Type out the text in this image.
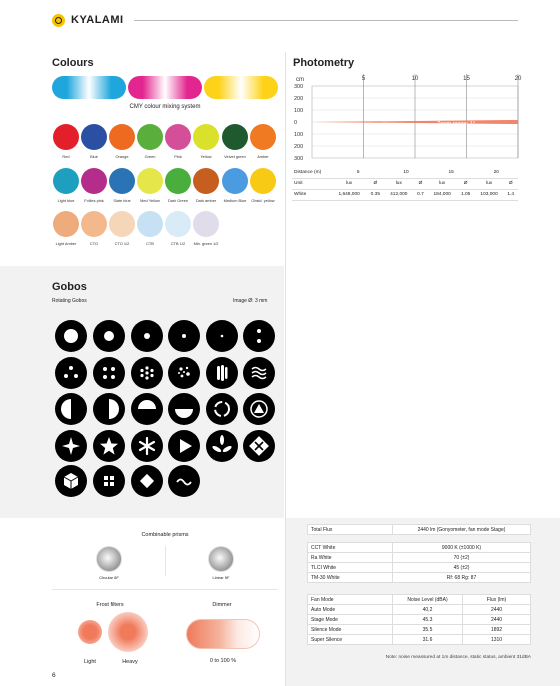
KYALAMI
Colours
CMY colour mixing system
Red	Blue	Orange	Green	Pink	Yellow	Velvet green	Amber
Light blue	Follies pink	Slate blue	Med Yellow	Dark Green	Dark amber	Medium Blue	Obsid. yellow
Light Amber	CTO	CTO 1/2	CTB	CTB 1/2	Min. green 1/2
Gobos
Rotating Gobos	Image Ø: 3 mm
Combinable prisms
Circular 6F	Linear 5F
Frost filters
Light	Heavy
Dimmer
0 to 100 %
6
Photometry
Zoom range: 1°
cm	5	10	15	20
300
200
100
0
100
200
300
Distance (m)	5		10		15		20	
Unit	lux	Ø	lux	Ø	lux	Ø	lux	Ø
White	1,648,000	0.35	412,000	0.7	184,000	1.05	103,000	1.4
Total Flux	2440 lm (Gonyometer, fan mode Stage)
CCT White	9000 K (±1000 K)
Ra White	70 (±2)
TLCI White	45 (±2)
TM-30 White	Rf: 68 Rg: 87
Fan Mode	Noise Level (dBA)	Flux (lm)
Auto Mode	40,2	2440
Stage Mode	45.3	2440
Silence Mode	35.5	1892
Super Silence	31.6	1310
Note: noise meassured at 1m distance, static status, ambient 31dBA
